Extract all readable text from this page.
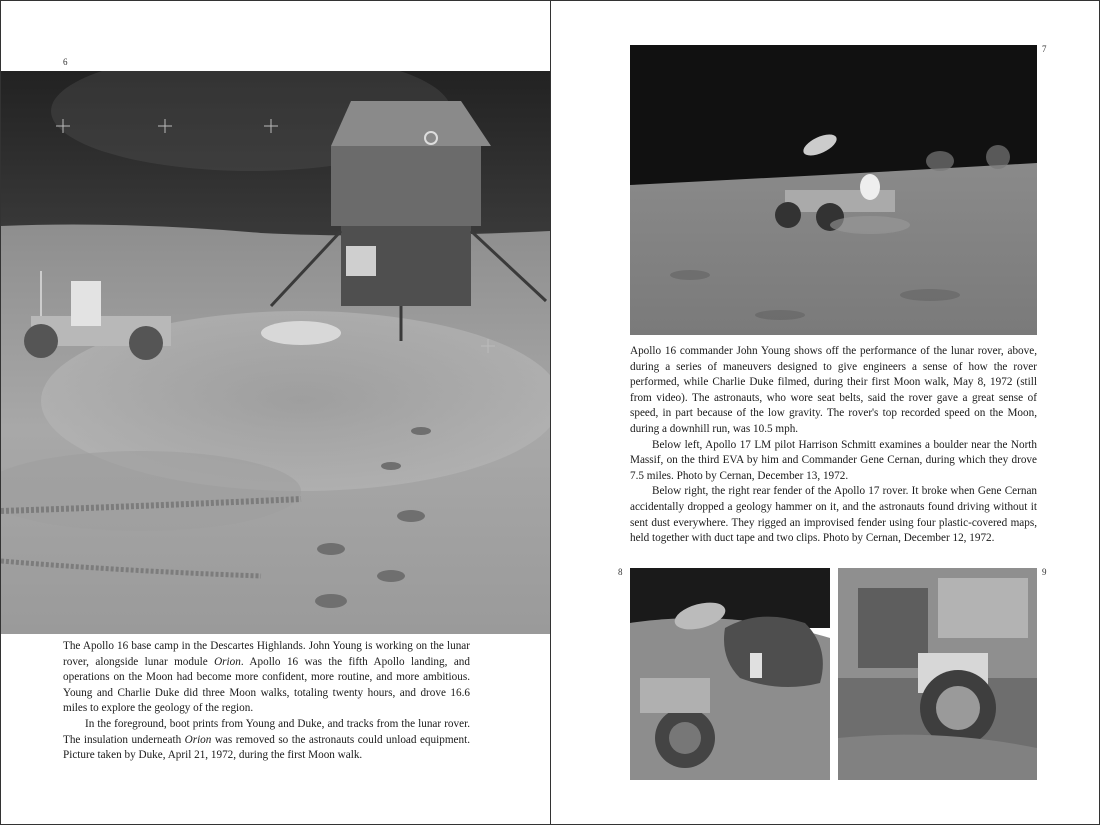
6

The Apollo 16 base camp in the Descartes Highlands. John Young is working on the lunar rover, alongside lunar module Orion. Apollo 16 was the fifth Apollo landing, and operations on the Moon had become more confident, more routine, and more ambitious. Young and Charlie Duke did three Moon walks, totaling twenty hours, and drove 16.6 miles to explore the geology of the region.

In the foreground, boot prints from Young and Duke, and tracks from the lunar rover. The insulation underneath Orion was removed so the astronauts could unload equipment. Picture taken by Duke, April 21, 1972, during the first Moon walk.

7

Apollo 16 commander John Young shows off the performance of the lunar rover, above, during a series of maneuvers designed to give engineers a sense of how the rover performed, while Charlie Duke filmed, during their first Moon walk, May 8, 1972 (still from video). The astronauts, who wore seat belts, said the rover gave a great sense of speed, in part because of the low gravity. The rover's top recorded speed on the Moon, during a downhill run, was 10.5 mph.

Below left, Apollo 17 LM pilot Harrison Schmitt examines a boulder near the North Massif, on the third EVA by him and Commander Gene Cernan, during which they drove 7.5 miles. Photo by Cernan, December 13, 1972.

Below right, the right rear fender of the Apollo 17 rover. It broke when Gene Cernan accidentally dropped a geology hammer on it, and the astronauts found driving without it sent dust everywhere. They rigged an improvised fender using four plastic-covered maps, held together with duct tape and two clips. Photo by Cernan, December 12, 1972.

8	9
